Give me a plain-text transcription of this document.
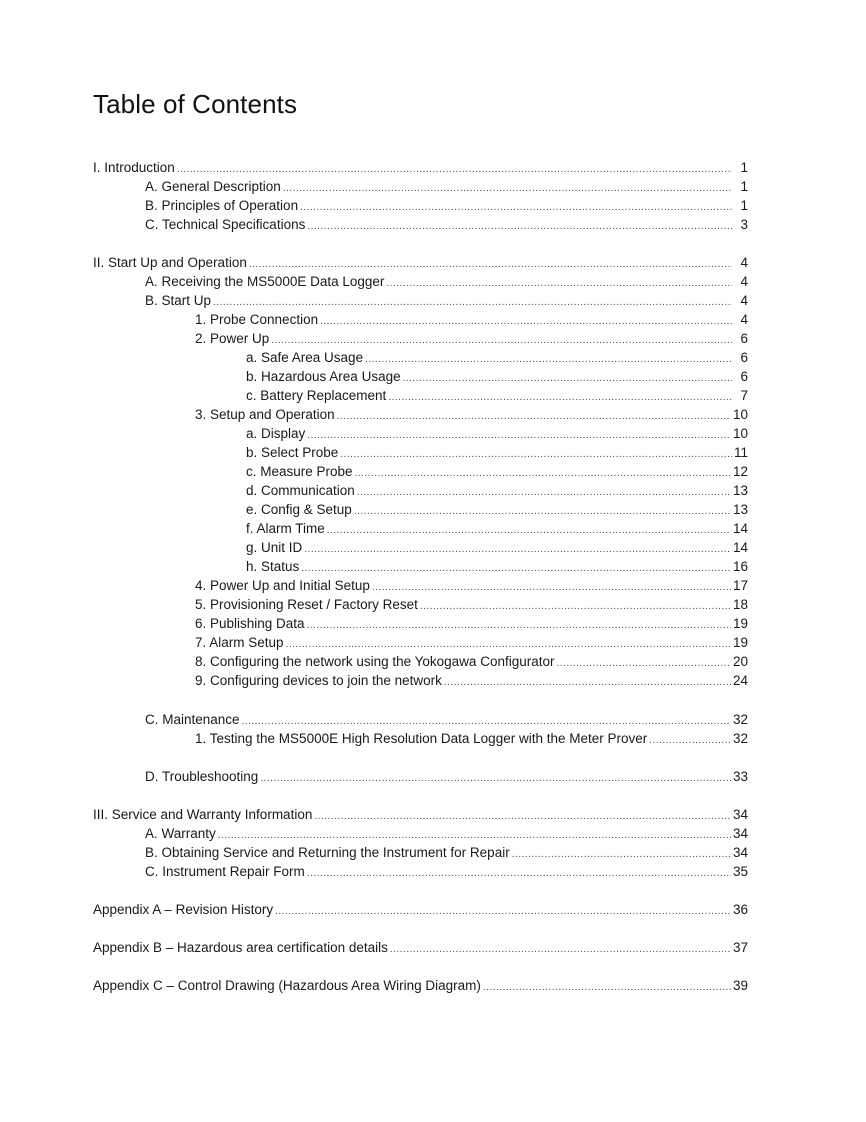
Table of Contents
I. Introduction .....	1
A. General Description .....	1
B. Principles of Operation .....	1
C. Technical Specifications .....	3
II. Start Up and Operation .....	4
A. Receiving the MS5000E Data Logger .....	4
B. Start Up .....	4
1. Probe Connection .....	4
2. Power Up .....	6
a. Safe Area Usage .....	6
b. Hazardous Area Usage .....	6
c. Battery Replacement .....	7
3. Setup and Operation .....	10
a. Display .....	10
b. Select Probe .....	11
c. Measure Probe .....	12
d. Communication .....	13
e. Config & Setup .....	13
f. Alarm Time .....	14
g. Unit ID .....	14
h. Status .....	16
4. Power Up and Initial Setup .....	17
5. Provisioning Reset / Factory Reset .....	18
6. Publishing Data .....	19
7. Alarm Setup .....	19
8. Configuring the network using the Yokogawa Configurator .....	20
9. Configuring devices to join the network .....	24
C. Maintenance .....	32
1. Testing the MS5000E High Resolution Data Logger with the Meter Prover .....	32
D. Troubleshooting .....	33
III. Service and Warranty Information .....	34
A. Warranty .....	34
B. Obtaining Service and Returning the Instrument for Repair .....	34
C. Instrument Repair Form .....	35
Appendix A – Revision History .....	36
Appendix B – Hazardous area certification details .....	37
Appendix C – Control Drawing (Hazardous Area Wiring Diagram) .....	39
